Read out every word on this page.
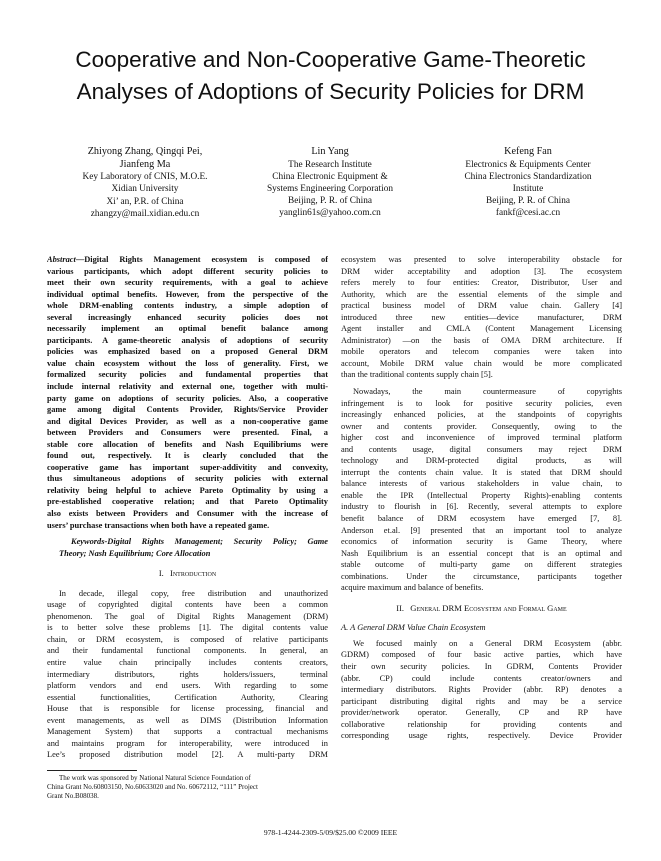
Cooperative and Non-Cooperative Game-Theoretic
Analyses of Adoptions of Security Policies for DRM
Zhiyong Zhang, Qingqi Pei,
Jianfeng Ma
Key Laboratory of CNIS, M.O.E.
Xidian University
Xi’ an, P.R. of China
zhangzy@mail.xidian.edu.cn
Lin Yang
The Research Institute
China Electronic Equipment &
Systems Engineering Corporation
Beijing, P. R. of China
yanglin61s@yahoo.com.cn
Kefeng Fan
Electronics & Equipments Center
China Electronics Standardization
Institute
Beijing, P. R. of China
fankf@cesi.ac.cn
Abstract—Digital Rights Management ecosystem is composed of
various participants, which adopt different security policies to
meet their own security requirements, with a goal to achieve
individual optimal benefits. However, from the perspective of the
whole DRM-enabling contents industry, a simple adoption of
several increasingly enhanced security policies does not
necessarily implement an optimal benefit balance among
participants. A game-theoretic analysis of adoptions of security
policies was emphasized based on a proposed General DRM
value chain ecosystem without the loss of generality. First, we
formalized security policies and fundamental properties that
include internal relativity and external one, together with multi-
party game on adoptions of security policies. Also, a cooperative
game among digital Contents Provider, Rights/Service Provider
and digital Devices Provider, as well as a non-cooperative game
between Providers and Consumers were presented. Final, a
stable core allocation of benefits and Nash Equilibriums were
found out, respectively. It is clearly concluded that the
cooperative game has important super-addivitity and convexity,
thus simultaneous adoptions of security policies with external
relativity being helpful to achieve Pareto Optimality by using a
pre-established cooperative relation; and that Pareto Optimality
also exists between Providers and Consumer with the increase of
users’ purchase transactions when both have a repeated game.
Keywords-Digital Rights Management; Security Policy; Game
Theory; Nash Equilibrium; Core Allocation
I. Introduction
In decade, illegal copy, free distribution and unauthorized
usage of copyrighted digital contents have been a common
phenomenon. The goal of Digital Rights Management (DRM)
is to better solve these problems [1]. The digital contents value
chain, or DRM ecosystem, is composed of relative participants
and their fundamental functional components. In general, an
entire value chain principally includes contents creators,
intermediary distributors, rights holders/issuers, terminal
platform vendors and end users. With regarding to some
essential functionalities, Certification Authority, Clearing
House that is responsible for license processing, financial and
event managements, as well as DIMS (Distribution Information
Management System) that supports a contractual mechanisms
and maintains program for interoperability, were introduced in
Lee’s proposed distribution model [2]. A multi-party DRM
ecosystem was presented to solve interoperability obstacle for
DRM wider acceptability and adoption [3]. The ecosystem
refers merely to four entities: Creator, Distributor, User and
Authority, which are the essential elements of the simple and
practical business model of DRM value chain. Gallery [4]
introduced three new entities—device manufacturer, DRM
Agent installer and CMLA (Content Management Licensing
Administrator) —on the basis of OMA DRM architecture. If
mobile operators and telecom companies were taken into
account, Mobile DRM value chain would be more complicated
than the traditional contents supply chain [5].
Nowadays, the main countermeasure of copyrights
infringement is to look for positive security policies, even
increasingly enhanced policies, at the standpoints of copyrights
owner and contents provider. Consequently, owing to the
higher cost and inconvenience of improved terminal platform
and contents usage, digital consumers may reject DRM
technology and DRM-protected digital products, as will
interrupt the contents chain value. It is stated that DRM should
balance interests of various stakeholders in value chain, to
enable the IPR (Intellectual Property Rights)-enabling contents
industry to flourish in [6]. Recently, several attempts to explore
benefit balance of DRM ecosystem have emerged [7, 8].
Anderson et.al. [9] presented that an important tool to analyze
economics of information security is Game Theory, where
Nash Equilibrium is an essential concept that is an optimal and
stable outcome of multi-party game on different strategies
combinations. Under the circumstance, participants together
acquire maximum and balance of benefits.
II. General DRM Ecosystem and Formal Game
A. A General DRM Value Chain Ecosystem
We focused mainly on a General DRM Ecosystem (abbr.
GDRM) composed of four basic active parties, which have
their own security policies. In GDRM, Contents Provider
(abbr. CP) could include contents creator/owners and
intermediary distributors. Rights Provider (abbr. RP) denotes a
participant distributing digital rights and may be a service
provider/network operator. Generally, CP and RP have
collaborative relationship for providing contents and
corresponding usage rights, respectively. Device Provider
The work was sponsored by National Natural Science Foundation of
China Grant No.60803150, No.60633020 and No. 60672112, “111” Project
Grant No.B08038.
978-1-4244-2309-5/09/$25.00 ©2009 IEEE
